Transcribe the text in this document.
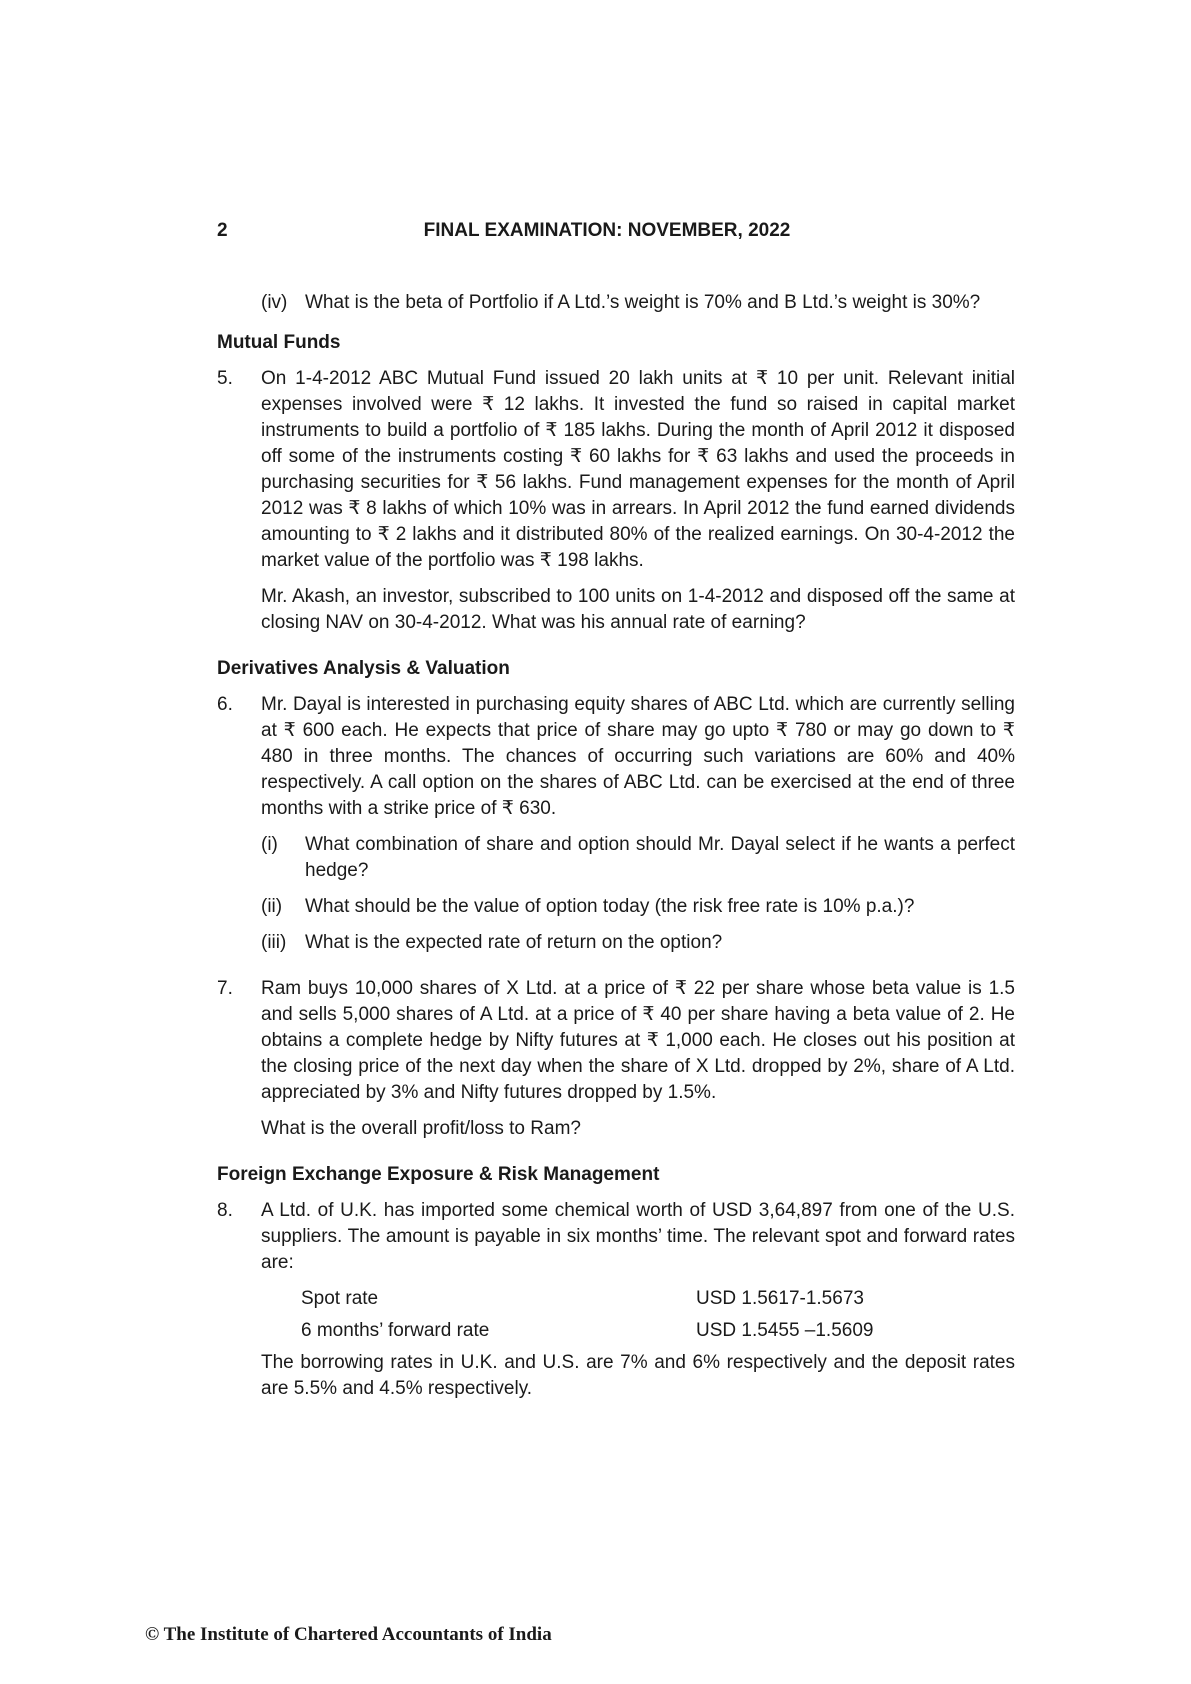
2	FINAL EXAMINATION: NOVEMBER, 2022
(iv) What is the beta of Portfolio if A Ltd.’s weight is 70% and B Ltd.’s weight is 30%?
Mutual Funds
5.	On 1-4-2012 ABC Mutual Fund issued 20 lakh units at ₹ 10 per unit. Relevant initial expenses involved were ₹ 12 lakhs. It invested the fund so raised in capital market instruments to build a portfolio of ₹ 185 lakhs. During the month of April 2012 it disposed off some of the instruments costing ₹ 60 lakhs for ₹ 63 lakhs and used the proceeds in purchasing securities for ₹ 56 lakhs. Fund management expenses for the month of April 2012 was ₹ 8 lakhs of which 10% was in arrears. In April 2012 the fund earned dividends amounting to ₹ 2 lakhs and it distributed 80% of the realized earnings. On 30-4-2012 the market value of the portfolio was ₹ 198 lakhs.

Mr. Akash, an investor, subscribed to 100 units on 1-4-2012 and disposed off the same at closing NAV on 30-4-2012. What was his annual rate of earning?

Derivatives Analysis & Valuation
6.	Mr. Dayal is interested in purchasing equity shares of ABC Ltd. which are currently selling at ₹ 600 each. He expects that price of share may go upto ₹ 780 or may go down to ₹ 480 in three months. The chances of occurring such variations are 60% and 40% respectively. A call option on the shares of ABC Ltd. can be exercised at the end of three months with a strike price of ₹ 630.

(i)	What combination of share and option should Mr. Dayal select if he wants a perfect hedge?
(ii)	What should be the value of option today (the risk free rate is 10% p.a.)?
(iii) What is the expected rate of return on the option?
7.	Ram buys 10,000 shares of X Ltd. at a price of ₹ 22 per share whose beta value is 1.5 and sells 5,000 shares of A Ltd. at a price of ₹ 40 per share having a beta value of 2. He obtains a complete hedge by Nifty futures at ₹ 1,000 each. He closes out his position at the closing price of the next day when the share of X Ltd. dropped by 2%, share of A Ltd. appreciated by 3% and Nifty futures dropped by 1.5%.

What is the overall profit/loss to Ram?

Foreign Exchange Exposure & Risk Management
8.	A Ltd. of U.K. has imported some chemical worth of USD 3,64,897 from one of the U.S. suppliers. The amount is payable in six months’ time. The relevant spot and forward rates are:

Spot rate	USD 1.5617-1.5673
6 months’ forward rate	USD 1.5455 –1.5609

The borrowing rates in U.K. and U.S. are 7% and 6% respectively and the deposit rates are 5.5% and 4.5% respectively.

© The Institute of Chartered Accountants of India
